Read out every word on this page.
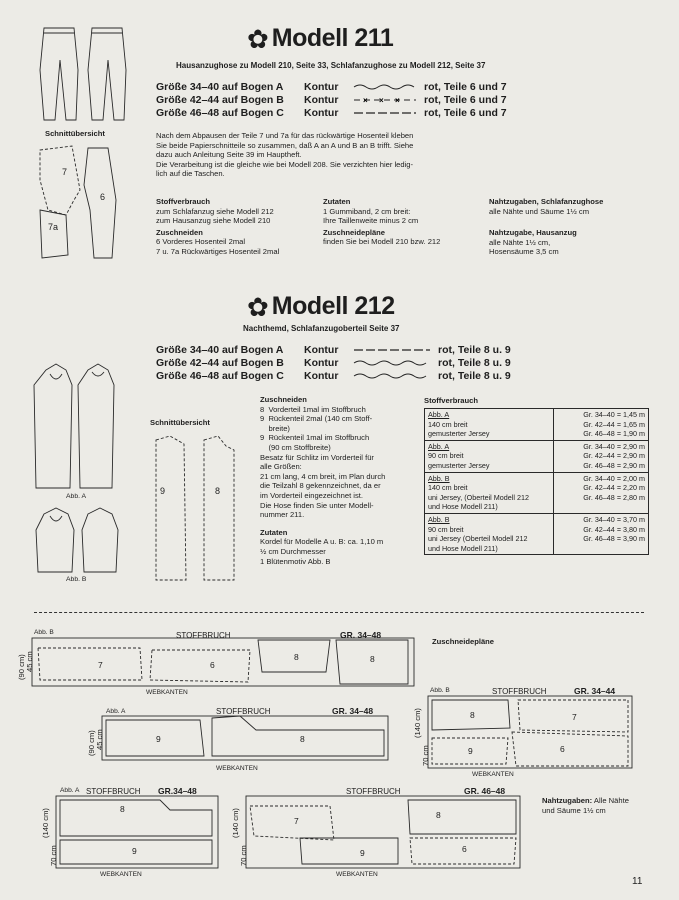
✿ Modell 211
Hausanzughose zu Modell 210, Seite 33, Schlafanzughose zu Modell 212, Seite 37
Größe 34–40 auf Bogen A	Kontur	rot, Teile 6 und 7
Größe 42–44 auf Bogen B	Kontur	× × × rot, Teile 6 und 7
Größe 46–48 auf Bogen C	Kontur	rot, Teile 6 und 7
Schnittübersicht	Nach dem Abpausen der Teile 7 und 7a für das rückwärtige Hosenteil kleben
Sie beide Papierschnitteile so zusammen, daß A an A und B an B trifft. Siehe
dazu auch Anleitung Seite 39 im Hauptheft.
Die Verarbeitung ist die gleiche wie bei Modell 208. Sie verzichten hier ledig-
lich auf die Taschen.
Stoffverbrauch
zum Schlafanzug siehe Modell 212
zum Hausanzug siehe Modell 210
Zuschneiden
6 Vorderes Hosenteil 2mal
7 u. 7a Rückwärtiges Hosenteil 2mal
Zutaten
1 Gummiband, 2 cm breit:
Ihre Taillenweite minus 2 cm
Zuschneidepläne
finden Sie bei Modell 210 bzw. 212
Nahtzugaben, Schlafanzughose
alle Nähte und Säume 1½ cm
Nahtzugabe, Hausanzug
alle Nähte 1½ cm,
Hosensäume 3,5 cm
7
7a
6
✿ Modell 212
Nachthemd, Schlafanzugoberteil Seite 37
Größe 34–40 auf Bogen A	Kontur	rot, Teile 8 u. 9
Größe 42–44 auf Bogen B	Kontur	rot, Teile 8 u. 9
Größe 46–48 auf Bogen C	Kontur	rot, Teile 8 u. 9
9	8
Abb. A
Abb. B
Schnittübersicht
Zuschneiden
8  Vorderteil 1mal im Stoffbruch
9  Rückenteil 2mal (140 cm Stoff-
breite)
9  Rückenteil 1mal im Stoffbruch
(90 cm Stoffbreite)
Besatz für Schlitz im Vorderteil für
alle Größen:
21 cm lang, 4 cm breit, im Plan durch
die Teilzahl 8 gekennzeichnet, da er
im Vorderteil eingezeichnet ist.
Die Hose finden Sie unter Modell-
nummer 211.
Zutaten
Kordel für Modelle A u. B: ca. 1,10 m
½ cm Durchmesser
1 Blütenmotiv Abb. B
Stoffverbrauch
Abb. A
140 cm breit
gemusterter Jersey	Gr. 34–40 = 1,45 m
Gr. 42–44 = 1,65 m
Gr. 46–48 = 1,90 m

Abb. A
90 cm breit
gemusterter Jersey	Gr. 34–40 = 2,90 m
Gr. 42–44 = 2,90 m
Gr. 46–48 = 2,90 m

Abb. B
140 cm breit
uni Jersey, (Oberteil Modell 212
und Hose Modell 211)	Gr. 34–40 = 2,00 m
Gr. 42–44 = 2,20 m
Gr. 46–48 = 2,80 m

Abb. B
90 cm breit
uni Jersey (Oberteil Modell 212
und Hose Modell 211)	Gr. 34–40 = 3,70 m
Gr. 42–44 = 3,80 m
Gr. 46–48 = 3,90 m
Zuschneidepläne
7	6
8	8
9	8
8	7
9	6
8
9
7
9
8
6
Abb. B
Abb. A
Abb. B
Abb. A
GR. 34–48
GR. 34–48
GR. 34–44
GR.34–48	GR. 46–48
STOFFBRUCH
STOFFBRUCH
STOFFBRUCH
STOFFBRUCH	STOFFBRUCH
WEBKANTEN
WEBKANTEN
WEBKANTEN
WEBKANTEN	WEBKANTEN
(90 cm) 45 cm
(90 cm) 45 cm
(140 cm)
70 cm
(140 cm)
70 cm
(140 cm)
70 cm
Nahtzugaben: Alle Nähte
und Säume 1½ cm
11
